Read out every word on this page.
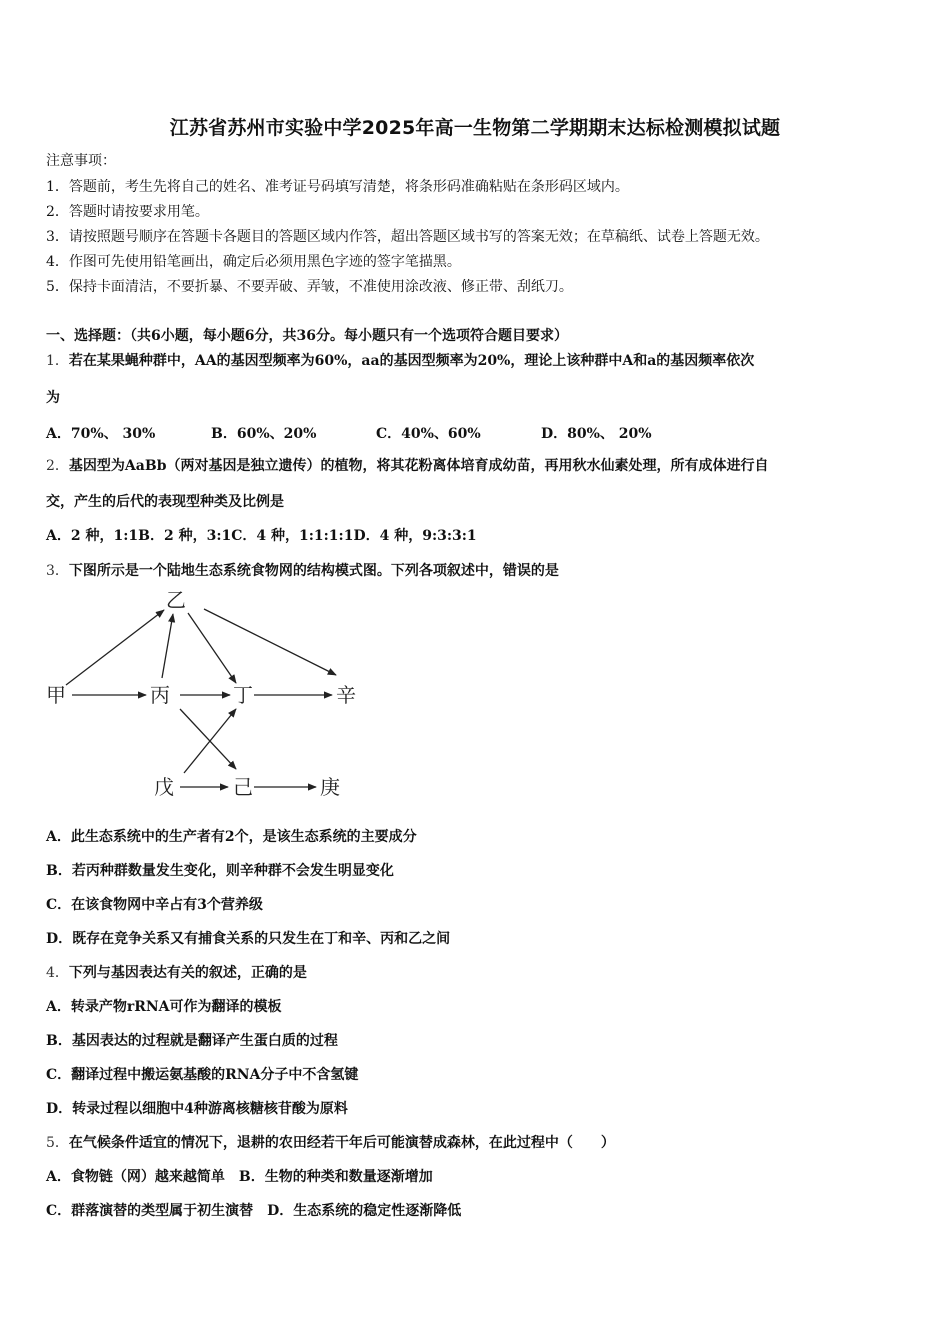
江苏省苏州市实验中学2025年高一生物第二学期期末达标检测模拟试题
注意事项：
1．答题前，考生先将自己的姓名、准考证号码填写清楚，将条形码准确粘贴在条形码区域内。
2．答题时请按要求用笔。
3．请按照题号顺序在答题卡各题目的答题区域内作答，超出答题区域书写的答案无效；在草稿纸、试卷上答题无效。
4．作图可先使用铅笔画出，确定后必须用黑色字迹的签字笔描黑。
5．保持卡面清洁，不要折暴、不要弄破、弄皱，不准使用涂改液、修正带、刮纸刀。
一、选择题：（共6小题，每小题6分，共36分。每小题只有一个选项符合题目要求）
1．若在某果蝇种群中，AA的基因型频率为60%，aa的基因型频率为20%，理论上该种群中A和a的基因频率依次
为
A．70%、 30%	B．60%、20%	C．40%、60%	D．80%、 20%
2．基因型为AaBb（两对基因是独立遗传）的植物，将其花粉离体培育成幼苗，再用秋水仙素处理，所有成体进行自
交，产生的后代的表现型种类及比例是
A．2 种，1:1B．2 种，3:1C．4 种，1:1:1:1D．4 种，9:3:3:1
3．下图所示是一个陆地生态系统食物网的结构模式图。下列各项叙述中，错误的是
乙
甲	丙	丁	辛
戊	己	庚
A．此生态系统中的生产者有2个，是该生态系统的主要成分
B．若丙种群数量发生变化，则辛种群不会发生明显变化
C．在该食物网中辛占有3个营养级
D．既存在竞争关系又有捕食关系的只发生在丁和辛、丙和乙之间
4．下列与基因表达有关的叙述，正确的是
A．转录产物rRNA可作为翻译的模板
B．基因表达的过程就是翻译产生蛋白质的过程
C．翻译过程中搬运氨基酸的RNA分子中不含氢键
D．转录过程以细胞中4种游离核糖核苷酸为原料
5．在气候条件适宜的情况下，退耕的农田经若干年后可能演替成森林，在此过程中（　　）
A．食物链（网）越来越简单　B．生物的种类和数量逐渐增加
C．群落演替的类型属于初生演替　D．生态系统的稳定性逐渐降低
